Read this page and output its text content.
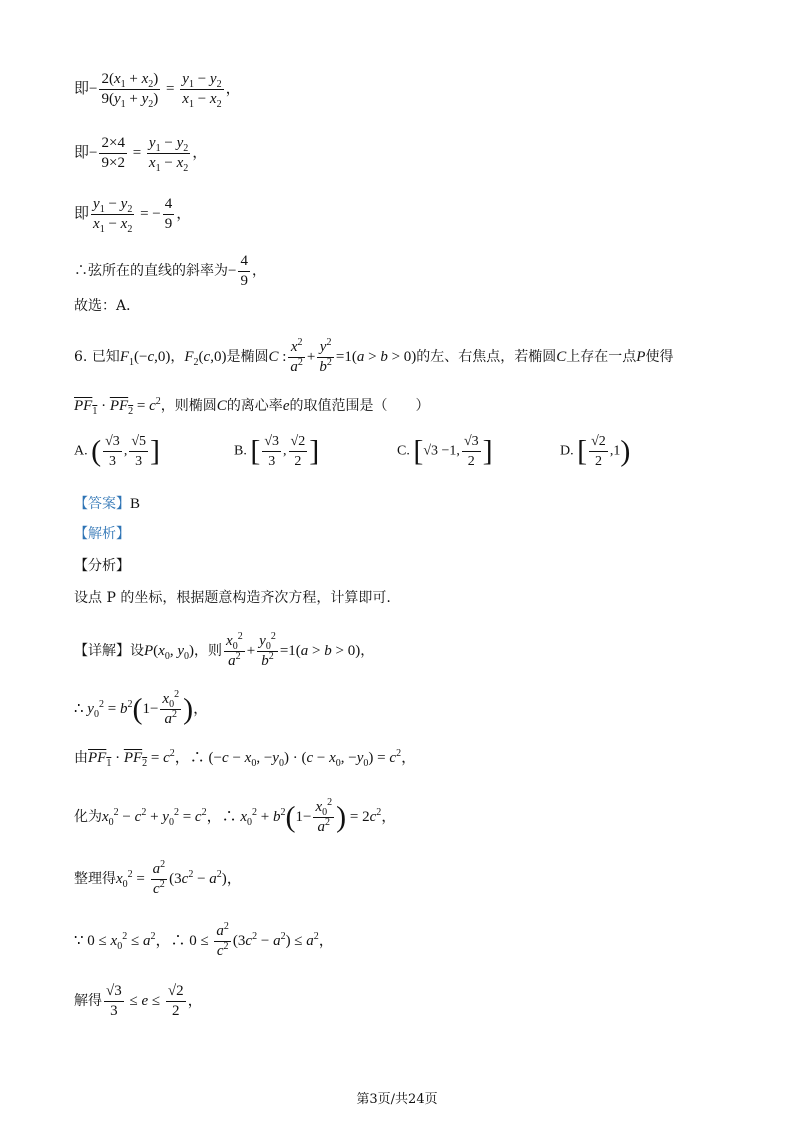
即− $\frac{2(x_1 + x_2)}{9(y_1 + y_2)} = \frac{y_1 - y_2}{x_1 - x_2}$ ，
即− $\frac{2\times 4}{9\times 2} = \frac{y_1 - y_2}{x_1 - x_2}$ ，
即 $\frac{y_1 - y_2}{x_1 - x_2}$ = − $\frac{4}{9}$ ，
∴弦所在的直线的斜率为− $\frac{4}{9}$ ，
故选：A．
6. 已知$F_1(-c,0)$，$F_2(c,0)$是椭圆C : $\frac{x^2}{a^2} + \frac{y^2}{b^2} =1(a > b > 0)$的左、右焦点，若椭圆C上存在一点P使得
$PF_1 \cdot PF_2 = c^2$，则椭圆C的离心率e的取值范围是（　　）
A. ( $\frac{√3}{3}$ , $\frac{√5}{3}$ ]	B. [ $\frac{√3}{3}$ , $\frac{√2}{2}$ ]	C. [√3 −1, $\frac{√3}{2}$ ]	D. [ $\frac{√2}{2} ,1$)
【答案】B
【解析】
【分析】
设点 P 的坐标，根据题意构造齐次方程，计算即可.
【详解】设$P(x_0$, $y_0$)，则 $\frac{x_0^2}{a^2} + \frac{y_0^2}{b^2} =1(a > b > 0)$，
∴ $y_0^2 = b^2(1- \frac{x_0^2}{a^2}$ )，
由$PF_1 \cdot PF_2 = c^2$，∴ ($-c - x_0$, $-y_0) \cdot (c - x_0$, $-y_0) = c^2$，
化为$x_0^2 - c^2 + y_0^2 = c^2$，∴ $x_0^2 + b^2(1- \frac{x_0^2}{a^2}$ ) = $2c^2$，
整理得$x_0^2 = \frac{a^2}{c^2} (3c^2 - a^2)$，
∵ $0 \le x_0^2 \le a^2$，∴ $0 \le \frac{a^2}{c^2} (3c^2 - a^2) \le a^2$，
解得 $\frac{√3}{3} \le e \le \frac{√2}{2}$ ，
第3页/共24页
